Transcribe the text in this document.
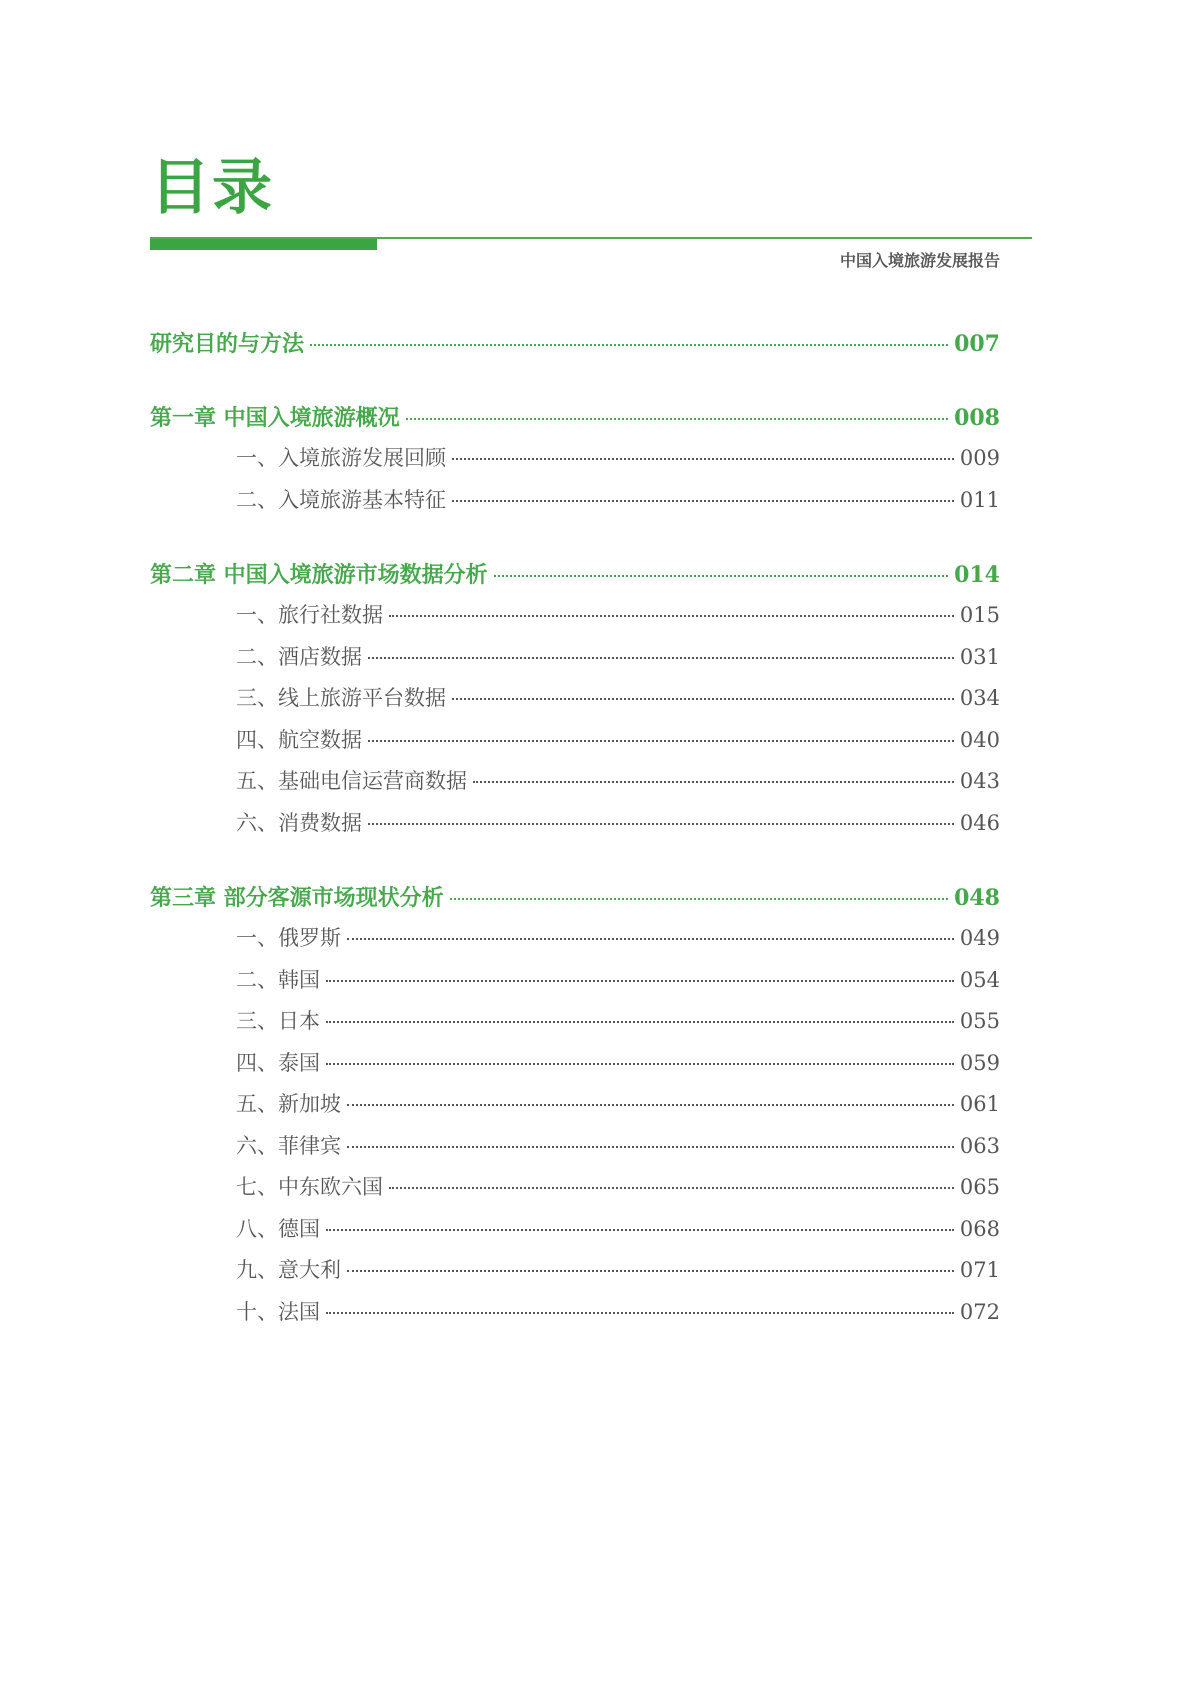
目录
中国入境旅游发展报告
研究目的与方法	007
第一章 中国入境旅游概况	008
一、 入境旅游发展回顾	009
二、 入境旅游基本特征	011
第二章 中国入境旅游市场数据分析	014
一、 旅行社数据	015
二、 酒店数据	031
三、 线上旅游平台数据	034
四、 航空数据	040
五、 基础电信运营商数据	043
六、 消费数据	046
第三章 部分客源市场现状分析	048
一、 俄罗斯	049
二、 韩国	054
三、 日本	055
四、 泰国	059
五、 新加坡	061
六、 菲律宾	063
七、 中东欧六国	065
八、 德国	068
九、 意大利	071
十、 法国	072
